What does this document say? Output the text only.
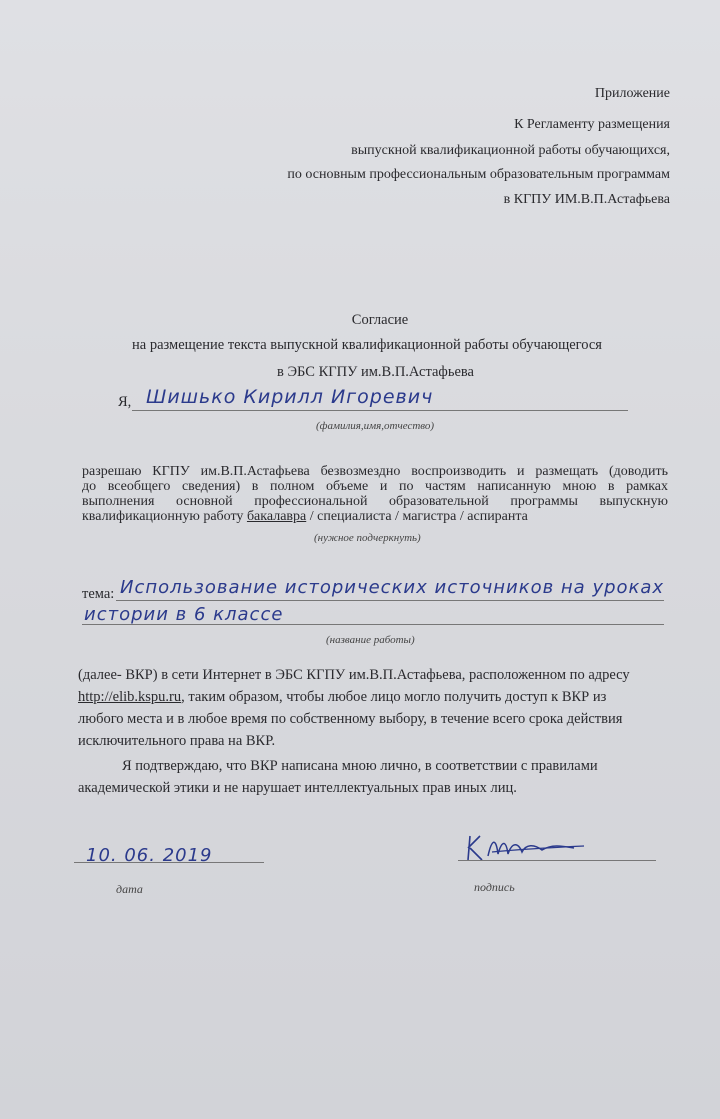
Приложение
К Регламенту размещения
выпускной квалификационной работы обучающихся,
по основным профессиональным образовательным программам
в КГПУ ИМ.В.П.Астафьева
Согласие
на размещение текста выпускной квалификационной работы обучающегося
в ЭБС КГПУ им.В.П.Астафьева
Я, Шишько Кирилл Игоревич
(фамилия,имя,отчество)
разрешаю КГПУ им.В.П.Астафьева безвозмездно воспроизводить и размещать (доводить
до всеобщего сведения) в полном объеме и по частям написанную мною в рамках
выполнения основной профессиональной образовательной программы выпускную
квалификационную работу бакалавра / специалиста / магистра / аспиранта
(нужное подчеркнуть)
тема: Использование исторических источников на уроках
истории в 6 классе
(название работы)
(далее- ВКР) в сети Интернет в ЭБС КГПУ им.В.П.Астафьева, расположенном по адресу
http://elib.kspu.ru, таким образом, чтобы любое лицо могло получить доступ к ВКР из
любого места и в любое время по собственному выбору, в течение всего срока действия
исключительного права на ВКР.
Я подтверждаю, что ВКР написана мною лично, в соответствии с правилами
академической этики и не нарушает интеллектуальных прав иных лиц.
10. 06. 2019
дата	подпись
